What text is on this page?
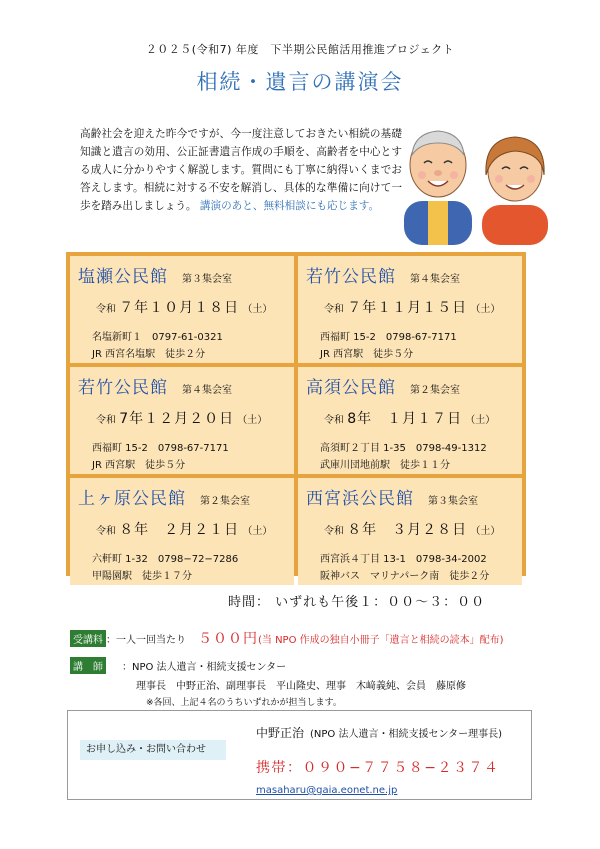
２０２５(令和7) 年度　下半期公民館活用推進プロジェクト
相続・遺言の講演会
高齢社会を迎えた昨今ですが、今一度注意しておきたい相続の基礎知識と遺言の効用、公正証書遺言作成の手順を、高齢者を中心とする成人に分かりやすく解説します。質問にも丁寧に納得いくまでお答えします。相続に対する不安を解消し、具体的な準備に向けて一歩を踏み出しましょう。 講演のあと、無料相談にも応じます。
塩瀬公民館 第３集会室
令和 ７年１０月１８日 （土）
名塩新町１　0797-61-0321
JR 西宮名塩駅　徒歩２分
若竹公民館 第４集会室
令和 ７年１１月１５日 （土）
西福町 15-2　0798-67-7171
JR 西宮駅　徒歩５分
若竹公民館 第４集会室
令和 7年１２月２０日 （土）
西福町 15-2　0798-67-7171
JR 西宮駅　徒歩５分
高須公民館 第２集会室
令和 8年　１月１７日 （土）
高須町２丁目 1-35　0798-49-1312
武庫川団地前駅　徒歩１１分
上ヶ原公民館 第２集会室
令和 ８年　２月２１日 （土）
六軒町 1-32　0798−72−7286
甲陽園駅　徒歩１７分
西宮浜公民館 第３集会室
令和 ８年　３月２８日 （土）
西宮浜４丁目 13-1　0798-34-2002
阪神バス　マリナパーク南　徒歩２分
時間： いずれも午後１：００～３：００
受講料 ：一人一回当たり ５００円(当 NPO 作成の独自小冊子「遺言と相続の読本」配布)
講　師	：NPO 法人遺言・相続支援センター
理事長　 中野正治、副理事長　 平山隆史、理事　 木﨑義純、会員　 藤原修
※各回、上記４名のうちいずれかが担当します。
お申し込み・お問い合わせ
中野正治 (NPO 法人遺言・相続支援センター理事長)
携帯：０９０−７７５８−２３７４
masaharu@gaia.eonet.ne.jp
